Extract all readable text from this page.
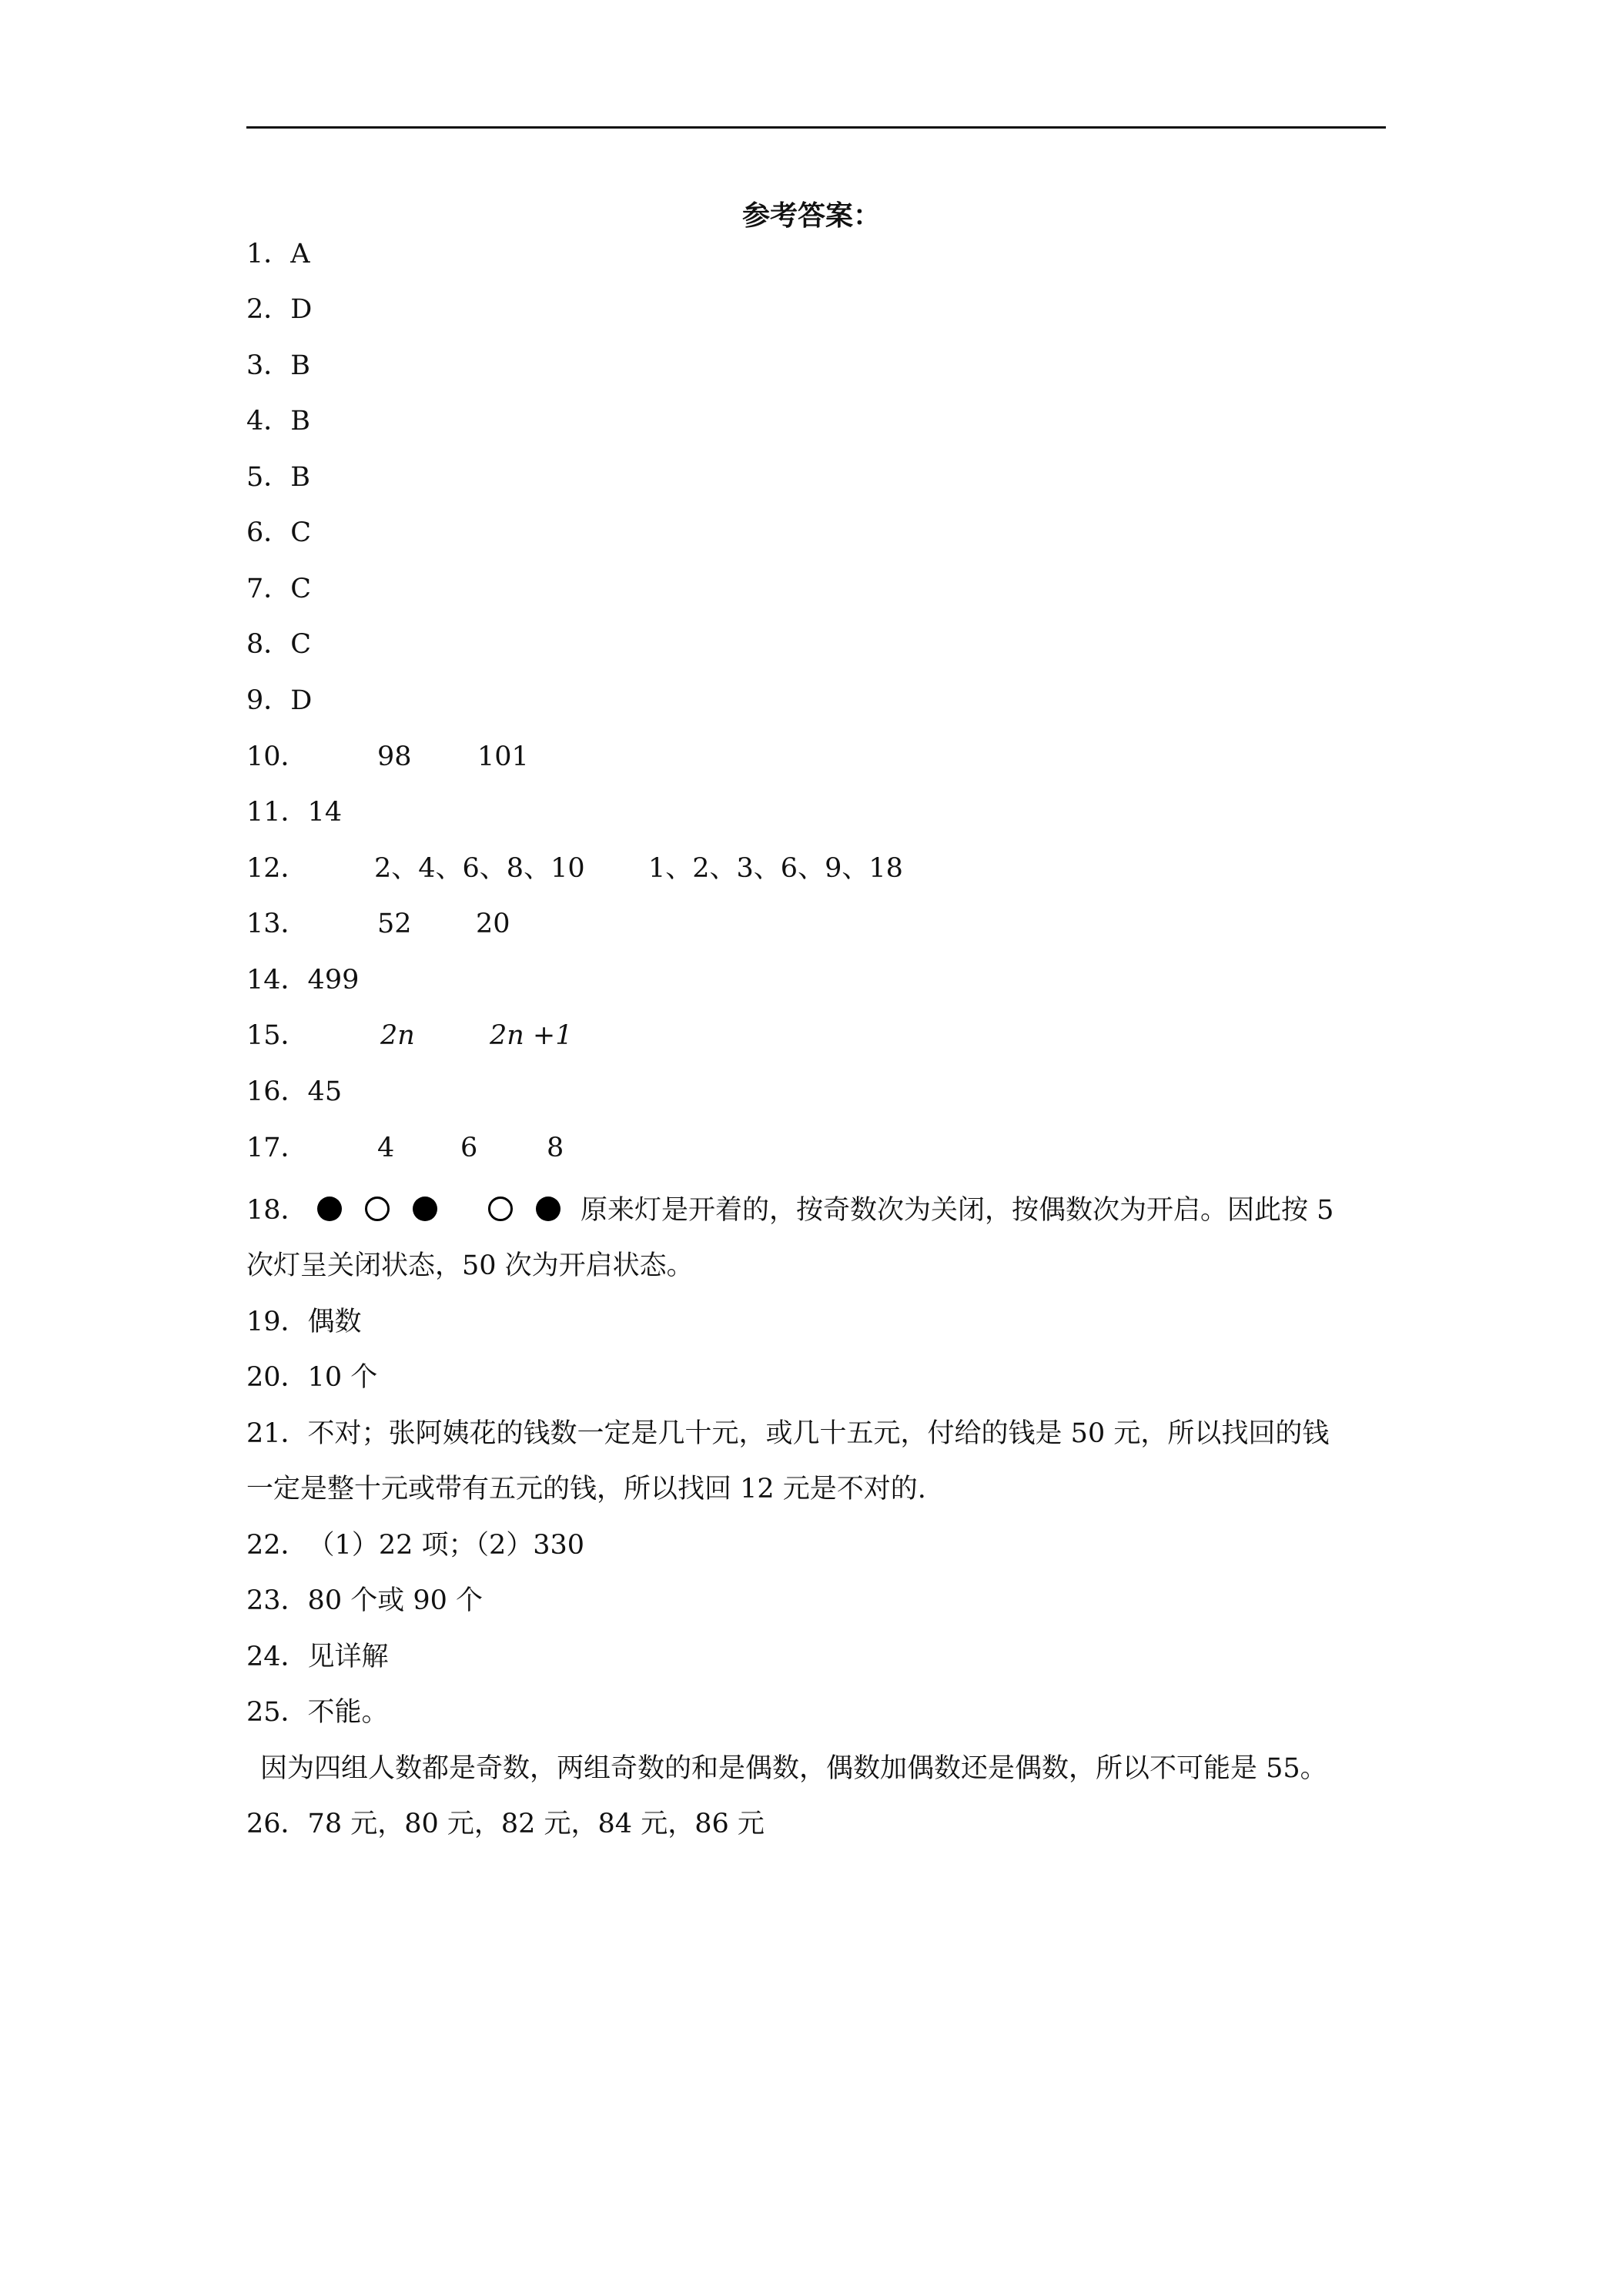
参考答案：
1．A
2．D
3．B
4．B
5．B
6．C
7．C
8．C
9．D
10．	98 101
11．14
12． 2、4、6、8、10 1、2、3、6、9、18
13．	52 20
14．499
15．	2n	2n +1
16．45
17．	4 6	8
18．	原来灯是开着的，按奇数次为关闭，按偶数次为开启。因此按 5
次灯呈关闭状态，50 次为开启状态。
19．偶数
20．10 个
21．不对；张阿姨花的钱数一定是几十元，或几十五元，付给的钱是 50 元，所以找回的钱
一定是整十元或带有五元的钱，所以找回 12 元是不对的.
22．（1）22 项；（2）330
23．80 个或 90 个
24．见详解
25．不能。
因为四组人数都是奇数，两组奇数的和是偶数，偶数加偶数还是偶数，所以不可能是 55。
26．78 元，80 元，82 元，84 元，86 元
